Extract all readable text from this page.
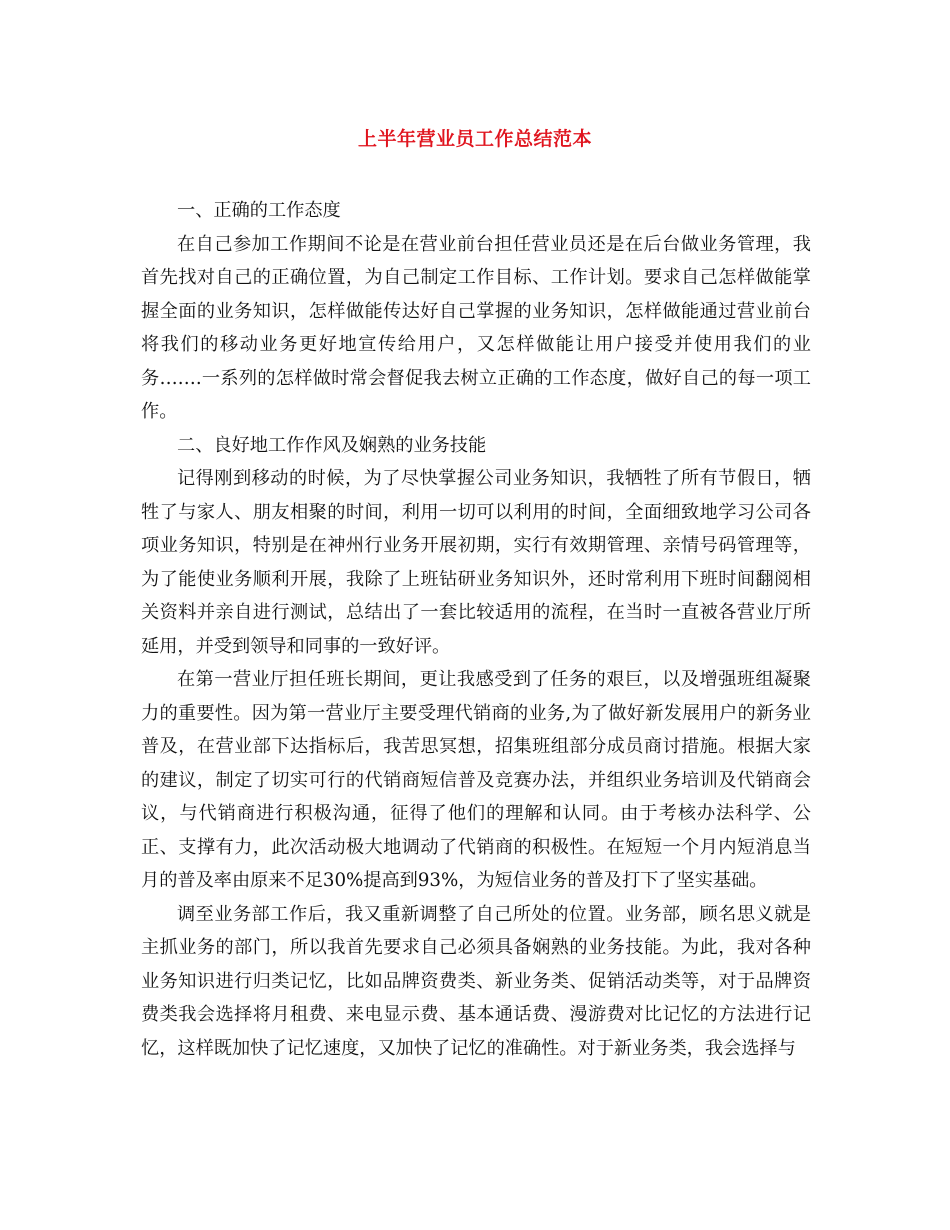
上半年营业员工作总结范本

一、正确的工作态度

在自己参加工作期间不论是在营业前台担任营业员还是在后台做业务管理，我首先找对自己的正确位置，为自己制定工作目标、工作计划。要求自己怎样做能掌握全面的业务知识，怎样做能传达好自己掌握的业务知识，怎样做能通过营业前台将我们的移动业务更好地宣传给用户，又怎样做能让用户接受并使用我们的业务…….一系列的怎样做时常会督促我去树立正确的工作态度，做好自己的每一项工作。

二、良好地工作作风及娴熟的业务技能

记得刚到移动的时候，为了尽快掌握公司业务知识，我牺牲了所有节假日，牺牲了与家人、朋友相聚的时间，利用一切可以利用的时间，全面细致地学习公司各项业务知识，特别是在神州行业务开展初期，实行有效期管理、亲情号码管理等，为了能使业务顺利开展，我除了上班钻研业务知识外，还时常利用下班时间翻阅相关资料并亲自进行测试，总结出了一套比较适用的流程，在当时一直被各营业厅所延用，并受到领导和同事的一致好评。

在第一营业厅担任班长期间，更让我感受到了任务的艰巨，以及增强班组凝聚力的重要性。因为第一营业厅主要受理代销商的业务,为了做好新发展用户的新务业普及，在营业部下达指标后，我苦思冥想，招集班组部分成员商讨措施。根据大家的建议，制定了切实可行的代销商短信普及竞赛办法，并组织业务培训及代销商会议，与代销商进行积极沟通，征得了他们的理解和认同。由于考核办法科学、公正、支撑有力，此次活动极大地调动了代销商的积极性。在短短一个月内短消息当月的普及率由原来不足30%提高到93%，为短信业务的普及打下了坚实基础。

调至业务部工作后，我又重新调整了自己所处的位置。业务部，顾名思义就是主抓业务的部门，所以我首先要求自己必须具备娴熟的业务技能。为此，我对各种业务知识进行归类记忆，比如品牌资费类、新业务类、促销活动类等，对于品牌资费类我会选择将月租费、来电显示费、基本通话费、漫游费对比记忆的方法进行记忆，这样既加快了记忆速度，又加快了记忆的准确性。对于新业务类，我会选择与
